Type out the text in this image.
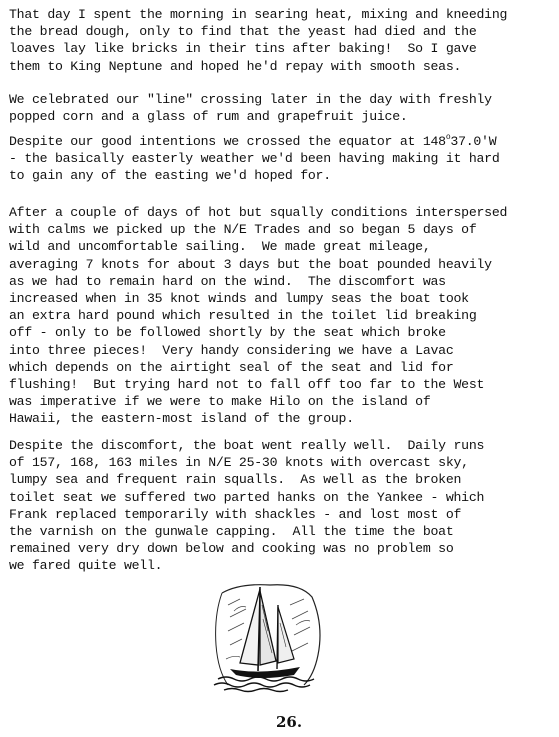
That day I spent the morning in searing heat, mixing and kneeding
the bread dough, only to find that the yeast had died and the
loaves lay like bricks in their tins after baking!  So I gave
them to King Neptune and hoped he'd repay with smooth seas.

We celebrated our "line" crossing later in the day with freshly
popped corn and a glass of rum and grapefruit juice.

Despite our good intentions we crossed the equator at 148$^o$37.0'W
- the basically easterly weather we'd been having making it hard
to gain any of the easting we'd hoped for.

After a couple of days of hot but squally conditions interspersed
with calms we picked up the N/E Trades and so began 5 days of
wild and uncomfortable sailing.  We made great mileage,
averaging 7 knots for about 3 days but the boat pounded heavily
as we had to remain hard on the wind.  The discomfort was
increased when in 35 knot winds and lumpy seas the boat took
an extra hard pound which resulted in the toilet lid breaking
off - only to be followed shortly by the seat which broke
into three pieces!  Very handy considering we have a Lavac
which depends on the airtight seal of the seat and lid for
flushing!  But trying hard not to fall off too far to the West
was imperative if we were to make Hilo on the island of
Hawaii, the eastern-most island of the group.

Despite the discomfort, the boat went really well.  Daily runs
of 157, 168, 163 miles in N/E 25-30 knots with overcast sky,
lumpy sea and frequent rain squalls.  As well as the broken
toilet seat we suffered two parted hanks on the Yankee - which
Frank replaced temporarily with shackles - and lost most of
the varnish on the gunwale capping.  All the time the boat
remained very dry down below and cooking was no problem so
we fared quite well.

26.
